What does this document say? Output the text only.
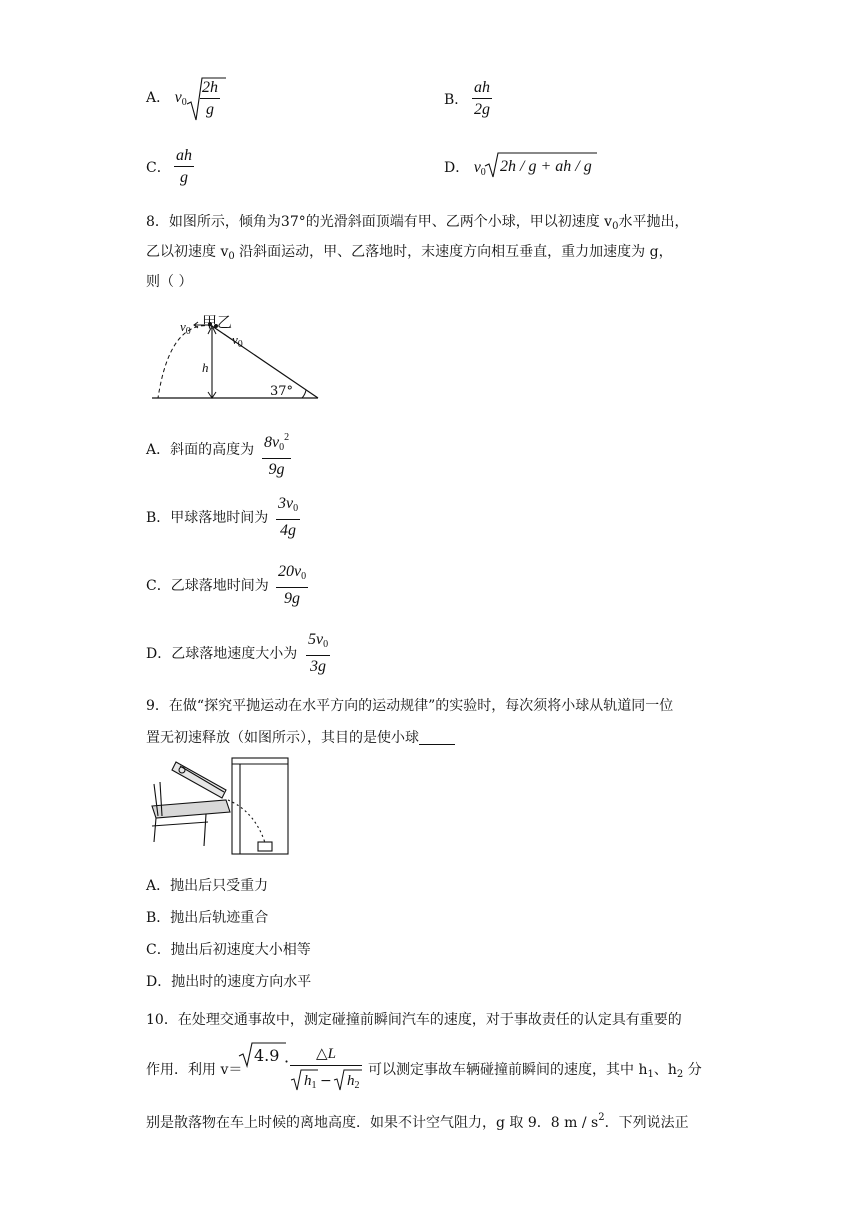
A． $v_0 \frac{2h}{g}$	B． $\frac{ah}{2g}$
C． $\frac{ah}{g}$	D． $v_0$ 2h / g + ah / g
8．如图所示，倾角为37°的光滑斜面顶端有甲、乙两个小球，甲以初速度 $v_0$水平抛出，
乙以初速度 $v_0$ 沿斜面运动，甲、乙落地时，末速度方向相互垂直，重力加速度为 g，
则（ ）
甲乙
$v_0$
$v_0$
h
37°
A．斜面的高度为 $\frac{8v_0^2}{9g}$
B．甲球落地时间为 $\frac{3v_0}{4g}$
C．乙球落地时间为 $\frac{20v_0}{9g}$
D．乙球落地速度大小为 $\frac{5v_0}{3g}$
9．在做“探究平抛运动在水平方向的运动规律”的实验时，每次须将小球从轨道同一位
置无初速释放（如图所示），其目的是使小球
A．抛出后只受重力
B．抛出后轨迹重合
C．抛出后初速度大小相等
D．抛出时的速度方向水平
10．在处理交通事故中，测定碰撞前瞬间汽车的速度，对于事故责任的认定具有重要的
作用．利用 v＝
4.9 ·	△L
$h_1 - h_2$
可以测定事故车辆碰撞前瞬间的速度，其中 $h_1$、$h_2$ 分
别是散落物在车上时候的离地高度．如果不计空气阻力，g 取 9．8 m / $s^2$．下列说法正
